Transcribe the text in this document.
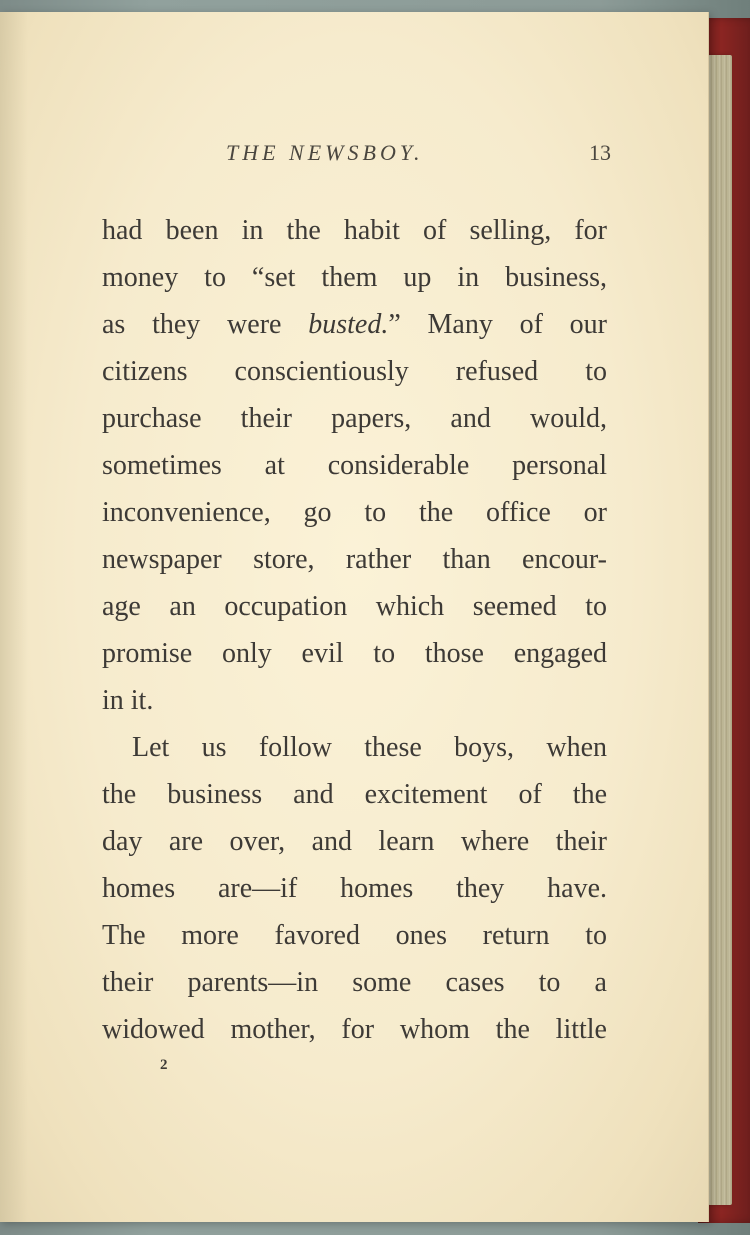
THE NEWSBOY.	13
had been in the habit of selling, for
money to “set them up in business,
as they were busted.” Many of our
citizens conscientiously refused to
purchase their papers, and would,
sometimes at considerable personal
inconvenience, go to the office or
newspaper store, rather than encour-
age an occupation which seemed to
promise only evil to those engaged
in it.
Let us follow these boys, when
the business and excitement of the
day are over, and learn where their
homes are—if homes they have.
The more favored ones return to
their parents—in some cases to a
widowed mother, for whom the little
2
